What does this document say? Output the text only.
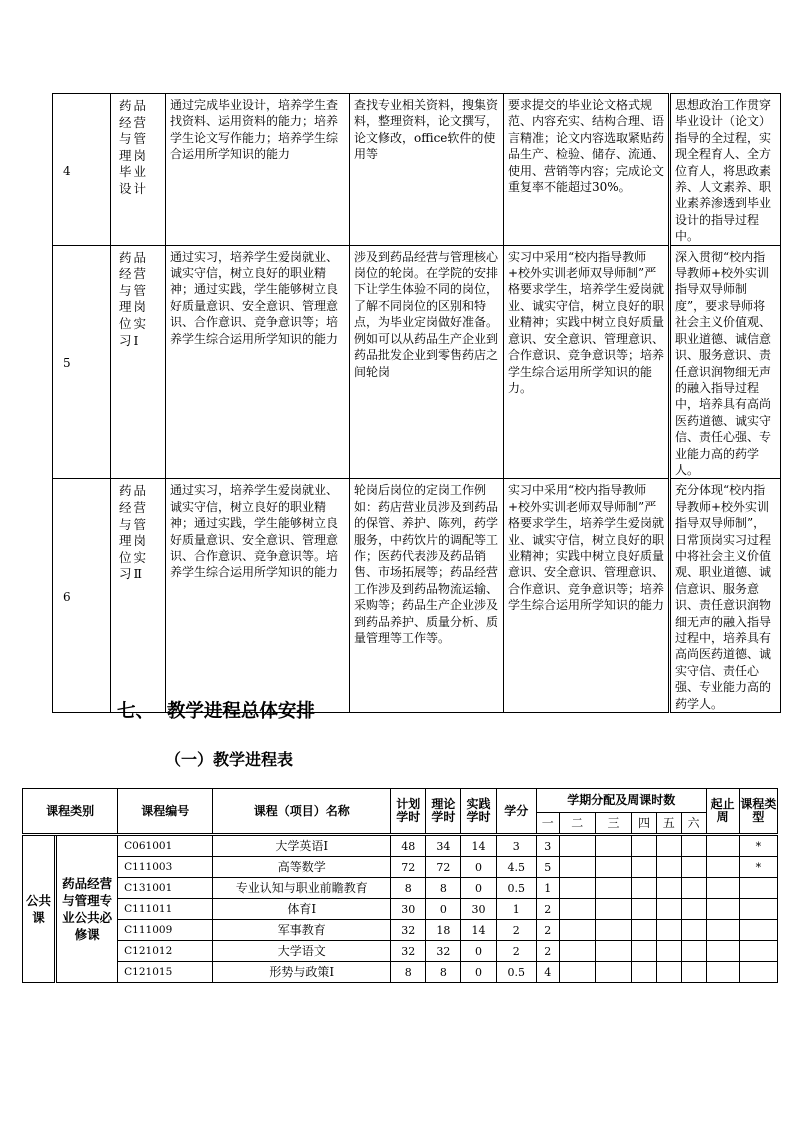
4	药品经营与管理岗毕业设计	通过完成毕业设计，培养学生查找资料、运用资料的能力；培养学生论文写作能力；培养学生综合运用所学知识的能力	查找专业相关资料，搜集资料，整理资料，论文撰写，论文修改，office软件的使用等	要求提交的毕业论文格式规范、内容充实、结构合理、语言精准；论文内容选取紧贴药品生产、检验、储存、流通、使用、营销等内容；完成论文重复率不能超过30%。	思想政治工作贯穿毕业设计（论文）指导的全过程，实现全程育人、全方位育人，将思政素养、人文素养、职业素养渗透到毕业设计的指导过程中。
5	药品经营与管理岗位实习Ⅰ	通过实习，培养学生爱岗就业、诚实守信，树立良好的职业精神；通过实践，学生能够树立良好质量意识、安全意识、管理意识、合作意识、竞争意识等；培养学生综合运用所学知识的能力	涉及到药品经营与管理核心岗位的轮岗。在学院的安排下让学生体验不同的岗位，了解不同岗位的区别和特点，为毕业定岗做好准备。例如可以从药品生产企业到药品批发企业到零售药店之间轮岗	实习中采用“校内指导教师+校外实训老师双导师制”严格要求学生，培养学生爱岗就业、诚实守信，树立良好的职业精神；实践中树立良好质量意识、安全意识、管理意识、合作意识、竞争意识等；培养学生综合运用所学知识的能力。	深入贯彻“校内指导教师+校外实训指导双导师制度”，要求导师将社会主义价值观、职业道德、诚信意识、服务意识、责任意识润物细无声的融入指导过程中，培养具有高尚医药道德、诚实守信、责任心强、专业能力高的药学人。
6	药品经营与管理岗位实习Ⅱ	通过实习，培养学生爱岗就业、诚实守信，树立良好的职业精神；通过实践，学生能够树立良好质量意识、安全意识、管理意识、合作意识、竞争意识等。培养学生综合运用所学知识的能力	轮岗后岗位的定岗工作例如：药店营业员涉及到药品的保管、养护、陈列，药学服务，中药饮片的调配等工作；医药代表涉及药品销售、市场拓展等；药品经营工作涉及到药品物流运输、采购等；药品生产企业涉及到药品养护、质量分析、质量管理等工作等。	实习中采用“校内指导教师+校外实训老师双导师制”严格要求学生，培养学生爱岗就业、诚实守信，树立良好的职业精神；实践中树立良好质量意识、安全意识、管理意识、合作意识、竞争意识等；培养学生综合运用所学知识的能力	充分体现“校内指导教师+校外实训指导双导师制”，日常顶岗实习过程中将社会主义价值观、职业道德、诚信意识、服务意识、责任意识润物细无声的融入指导过程中，培养具有高尚医药道德、诚实守信、责任心强、专业能力高的药学人。
七、  教学进程总体安排
（一）教学进程表
课程类别		课程编号	课程（项目）名称	计划学时	理论学时	实践学时	学分	学期分配及周课时数						起止周	课程类型
								一	二	三	四	五	六		
公共课	药品经营与管理专业公共必修课	C061001	大学英语Ⅰ	48	34	14	3	3							*
		C111003	高等数学	72	72	0	4.5	5							*
		C131001	专业认知与职业前瞻教育	8	8	0	0.5	1							
		C111011	体育Ⅰ	30	0	30	1	2							
		C111009	军事教育	32	18	14	2	2							
		C121012	大学语文	32	32	0	2	2							
		C121015	形势与政策Ⅰ	8	8	0	0.5	4							
